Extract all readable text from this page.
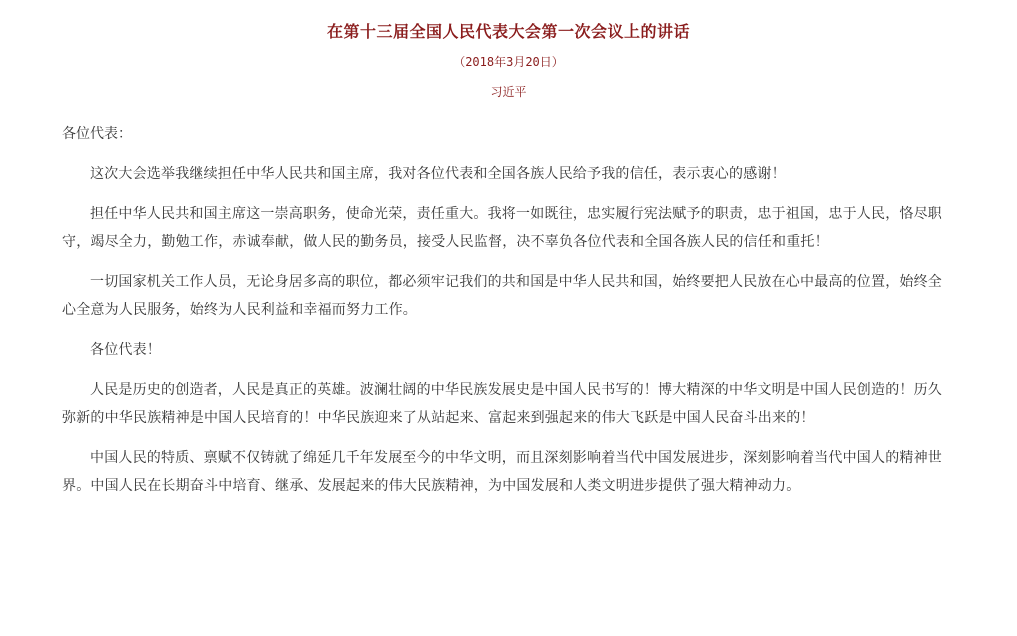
在第十三届全国人民代表大会第一次会议上的讲话
（2018年3月20日）
习近平

各位代表：

这次大会选举我继续担任中华人民共和国主席，我对各位代表和全国各族人民给予我的信任，表示衷心的感谢！

担任中华人民共和国主席这一崇高职务，使命光荣，责任重大。我将一如既往，忠实履行宪法赋予的职责，忠于祖国，忠于人民，恪尽职守，竭尽全力，勤勉工作，赤诚奉献，做人民的勤务员，接受人民监督，决不辜负各位代表和全国各族人民的信任和重托！

一切国家机关工作人员，无论身居多高的职位，都必须牢记我们的共和国是中华人民共和国，始终要把人民放在心中最高的位置，始终全心全意为人民服务，始终为人民利益和幸福而努力工作。

各位代表！

人民是历史的创造者，人民是真正的英雄。波澜壮阔的中华民族发展史是中国人民书写的！博大精深的中华文明是中国人民创造的！历久弥新的中华民族精神是中国人民培育的！中华民族迎来了从站起来、富起来到强起来的伟大飞跃是中国人民奋斗出来的！

中国人民的特质、禀赋不仅铸就了绵延几千年发展至今的中华文明，而且深刻影响着当代中国发展进步，深刻影响着当代中国人的精神世界。中国人民在长期奋斗中培育、继承、发展起来的伟大民族精神，为中国发展和人类文明进步提供了强大精神动力。
